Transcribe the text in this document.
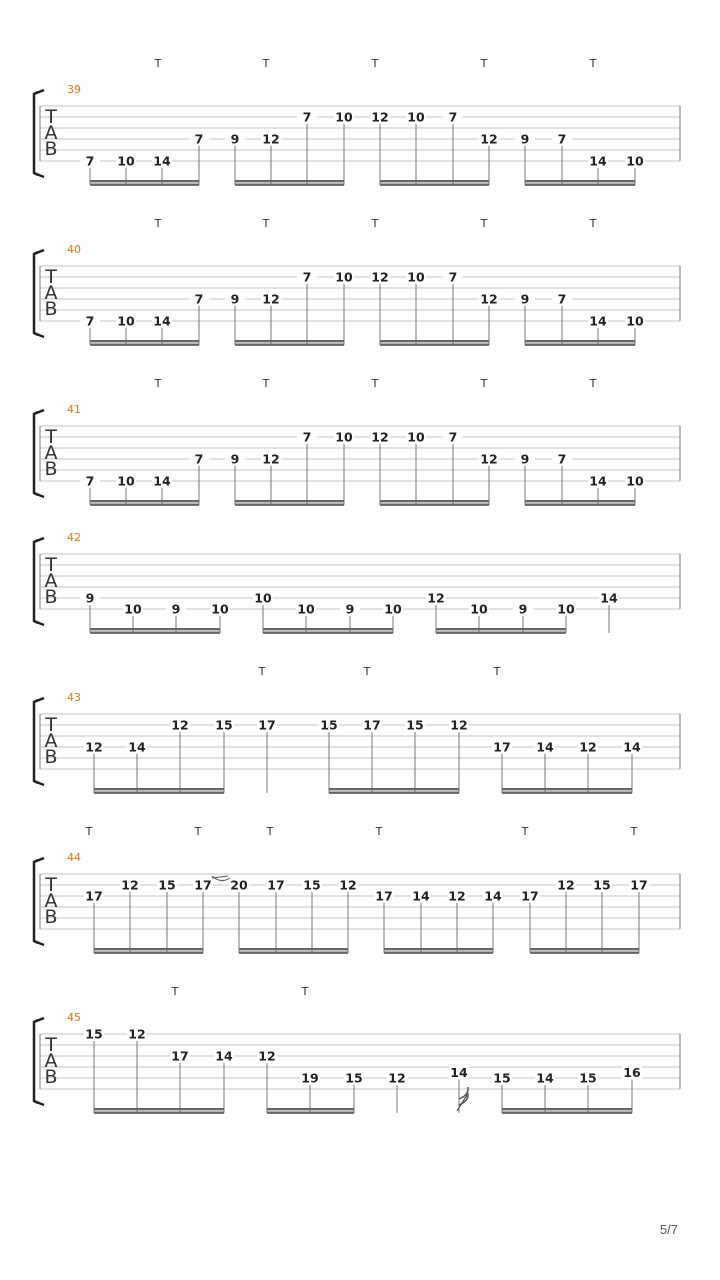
T
A
B
39
T	T	T	T	T
7 10 14
7 9 12
7 10 12 10 7
12 9 7
14 10
T
A
B
40
T	T	T	T	T
7 10 14
7 9 12
7 10 12 10 7
12 9 7
14 10
T
A
B
41
T	T	T	T	T
7 10 14
7 9 12
7 10 12 10 7
12 9 7
14 10
T
A
B
42
9
10 9 10
10
10 9 10
12
10 9 10
14
T
A
B
43
T	T	T
12 14
12 15	15 17 15 12
17 14 12 14
17
T
A
B
44
T	T	T	T	T	T
17
12 15 17 20 17 15 12
17 14 12 14 17
12 15 17
T
A
B
45
T	T
15 12
17 14 12
19 15	15 14 15 16
12	14
5/7
